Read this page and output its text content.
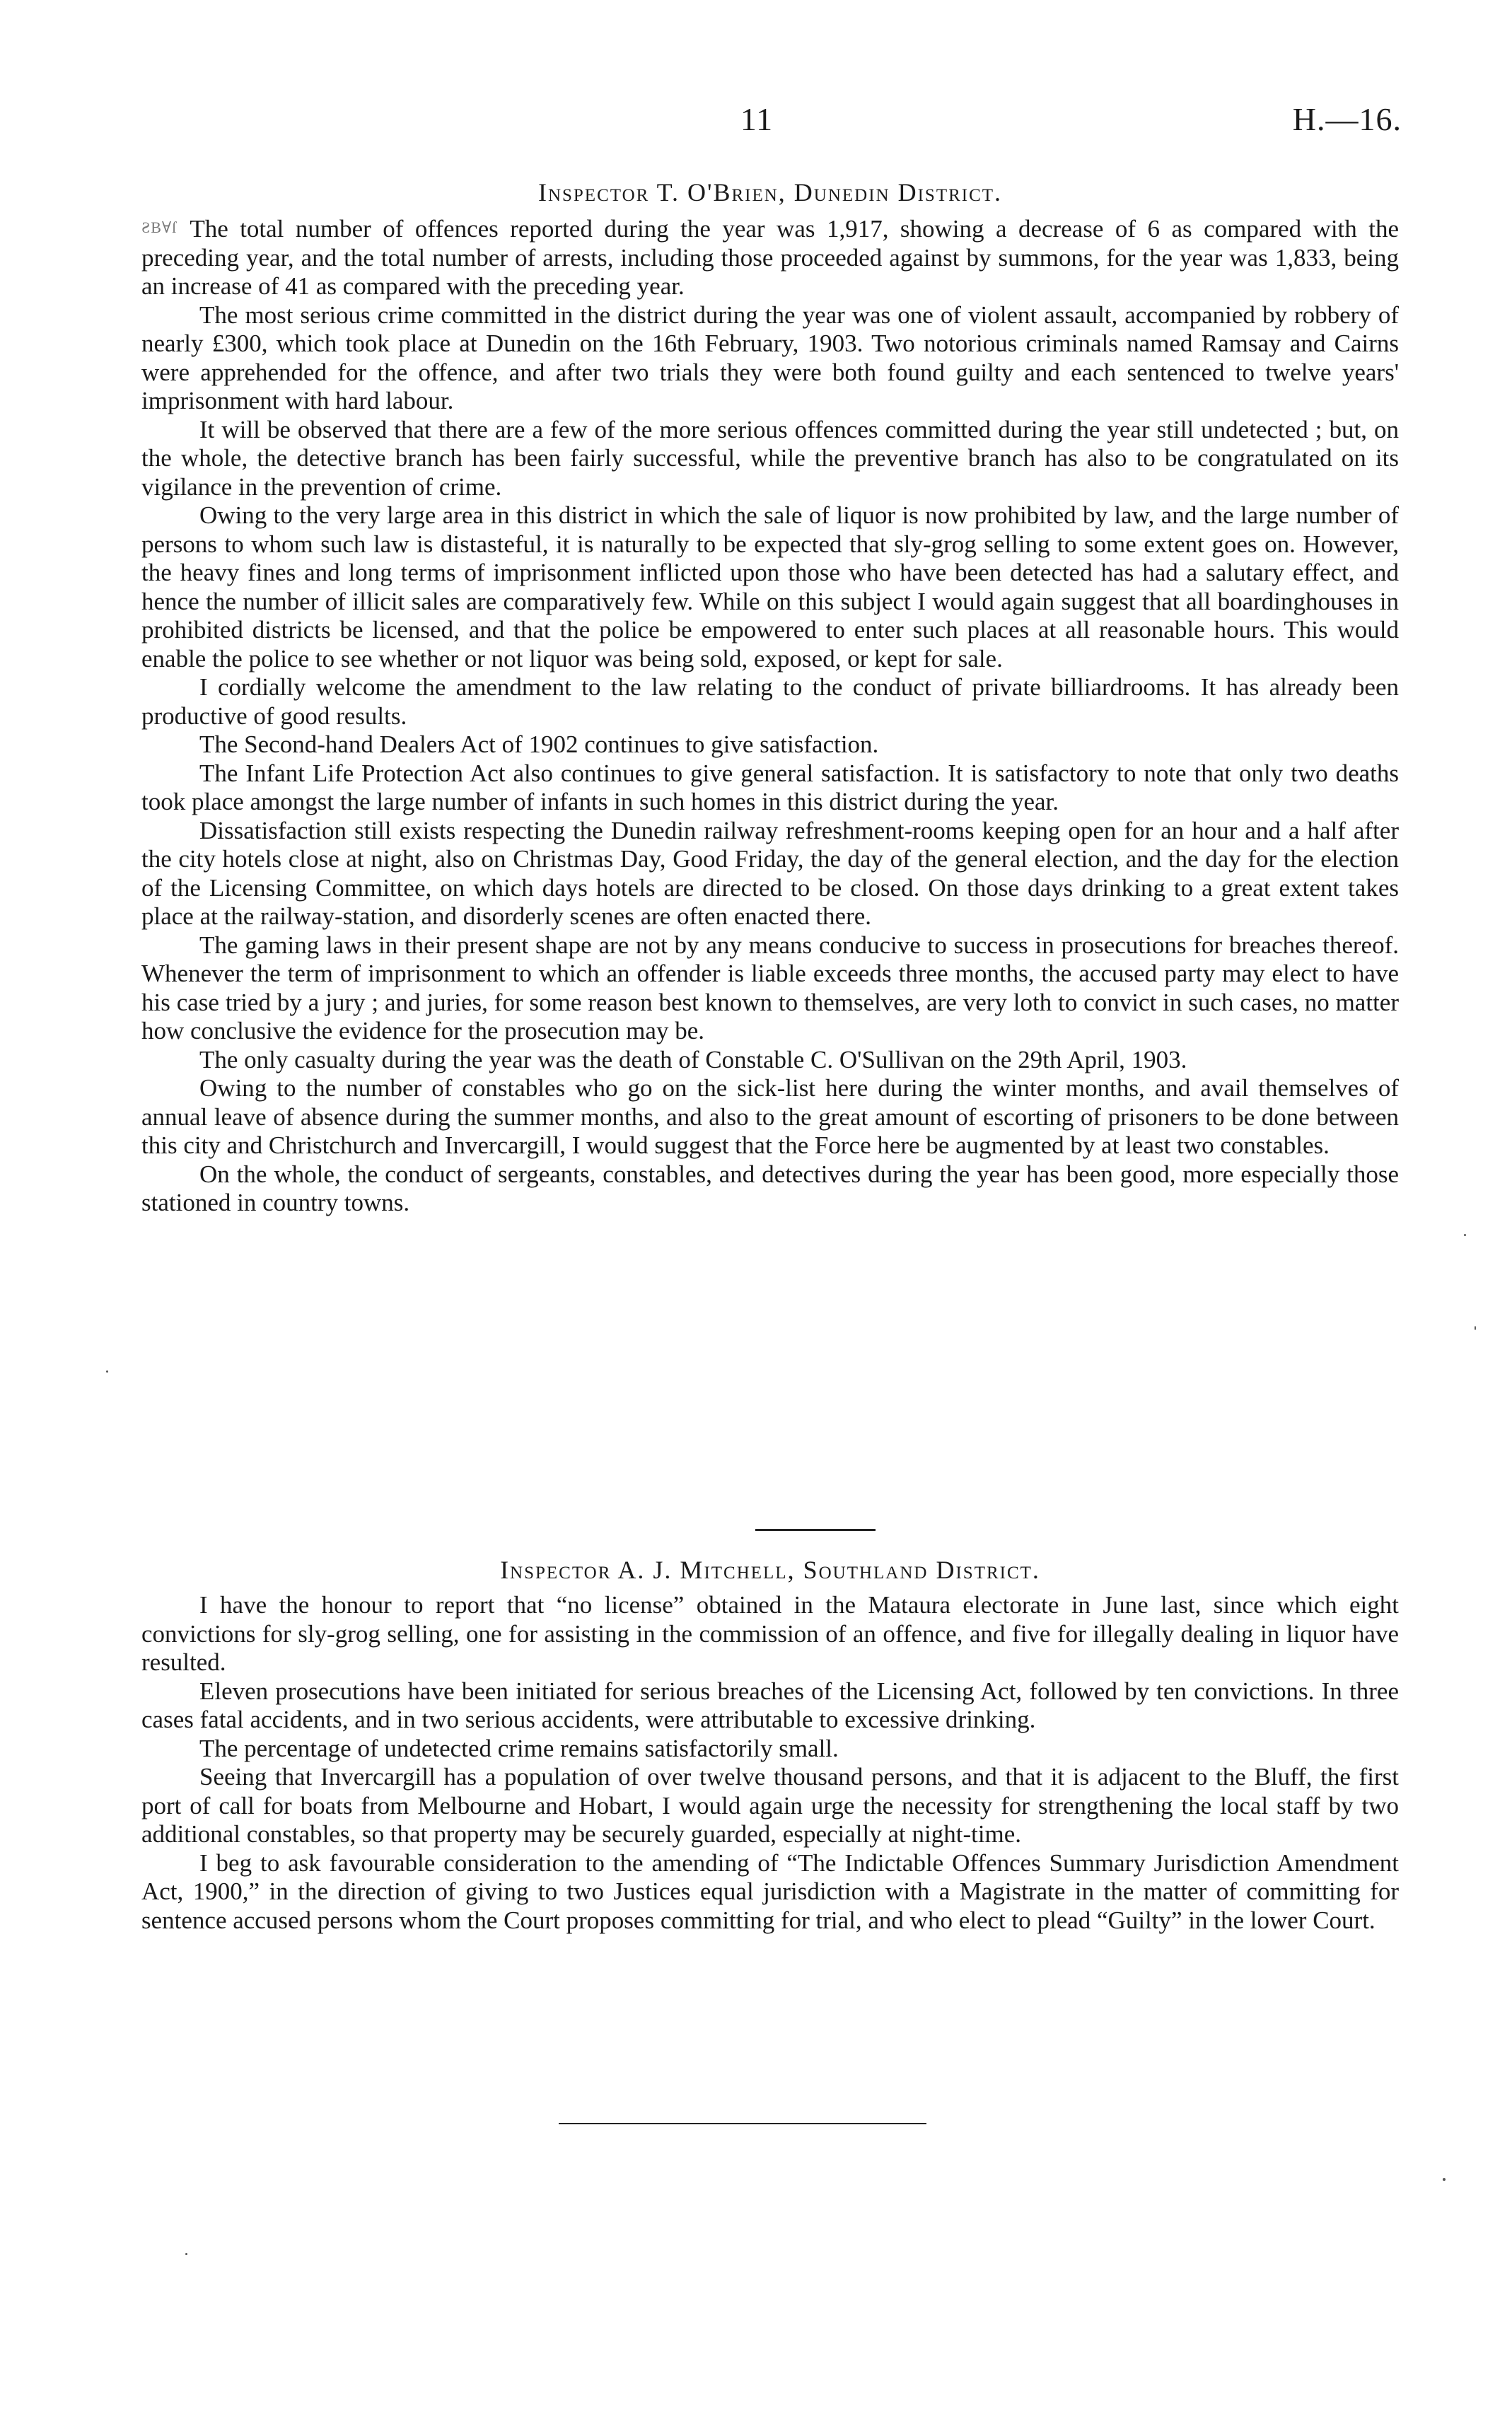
11	H.—16.
Inspector T. O'Brien, Dunedin District.

ƧB∀ſ The total number of offences reported during the year was 1,917, showing a decrease of 6 as compared with the preceding year, and the total number of arrests, including those proceeded against by summons, for the year was 1,833, being an increase of 41 as compared with the preceding year.

The most serious crime committed in the district during the year was one of violent assault, accompanied by robbery of nearly £300, which took place at Dunedin on the 16th February, 1903. Two notorious criminals named Ramsay and Cairns were apprehended for the offence, and after two trials they were both found guilty and each sentenced to twelve years' imprisonment with hard labour.

It will be observed that there are a few of the more serious offences committed during the year still undetected ; but, on the whole, the detective branch has been fairly successful, while the preventive branch has also to be congratulated on its vigilance in the prevention of crime.

Owing to the very large area in this district in which the sale of liquor is now prohibited by law, and the large number of persons to whom such law is distasteful, it is naturally to be expected that sly-grog selling to some extent goes on. However, the heavy fines and long terms of imprisonment inflicted upon those who have been detected has had a salutary effect, and hence the number of illicit sales are comparatively few. While on this subject I would again suggest that all boardinghouses in prohibited districts be licensed, and that the police be empowered to enter such places at all reasonable hours. This would enable the police to see whether or not liquor was being sold, exposed, or kept for sale.

I cordially welcome the amendment to the law relating to the conduct of private billiardrooms. It has already been productive of good results.

The Second-hand Dealers Act of 1902 continues to give satisfaction.

The Infant Life Protection Act also continues to give general satisfaction. It is satisfactory to note that only two deaths took place amongst the large number of infants in such homes in this district during the year.

Dissatisfaction still exists respecting the Dunedin railway refreshment-rooms keeping open for an hour and a half after the city hotels close at night, also on Christmas Day, Good Friday, the day of the general election, and the day for the election of the Licensing Committee, on which days hotels are directed to be closed. On those days drinking to a great extent takes place at the railway-station, and disorderly scenes are often enacted there.

The gaming laws in their present shape are not by any means conducive to success in prosecutions for breaches thereof. Whenever the term of imprisonment to which an offender is liable exceeds three months, the accused party may elect to have his case tried by a jury ; and juries, for some reason best known to themselves, are very loth to convict in such cases, no matter how conclusive the evidence for the prosecution may be.

The only casualty during the year was the death of Constable C. O'Sullivan on the 29th April, 1903.

Owing to the number of constables who go on the sick-list here during the winter months, and avail themselves of annual leave of absence during the summer months, and also to the great amount of escorting of prisoners to be done between this city and Christchurch and Invercargill, I would suggest that the Force here be augmented by at least two constables.

On the whole, the conduct of sergeants, constables, and detectives during the year has been good, more especially those stationed in country towns.

Inspector A. J. Mitchell, Southland District.

I have the honour to report that “no license” obtained in the Mataura electorate in June last, since which eight convictions for sly-grog selling, one for assisting in the commission of an offence, and five for illegally dealing in liquor have resulted.

Eleven prosecutions have been initiated for serious breaches of the Licensing Act, followed by ten convictions. In three cases fatal accidents, and in two serious accidents, were attributable to excessive drinking.

The percentage of undetected crime remains satisfactorily small.

Seeing that Invercargill has a population of over twelve thousand persons, and that it is adjacent to the Bluff, the first port of call for boats from Melbourne and Hobart, I would again urge the necessity for strengthening the local staff by two additional constables, so that property may be securely guarded, especially at night-time.

I beg to ask favourable consideration to the amending of “The Indictable Offences Summary Jurisdiction Amendment Act, 1900,” in the direction of giving to two Justices equal jurisdiction with a Magistrate in the matter of committing for sentence accused persons whom the Court proposes committing for trial, and who elect to plead “Guilty” in the lower Court.
